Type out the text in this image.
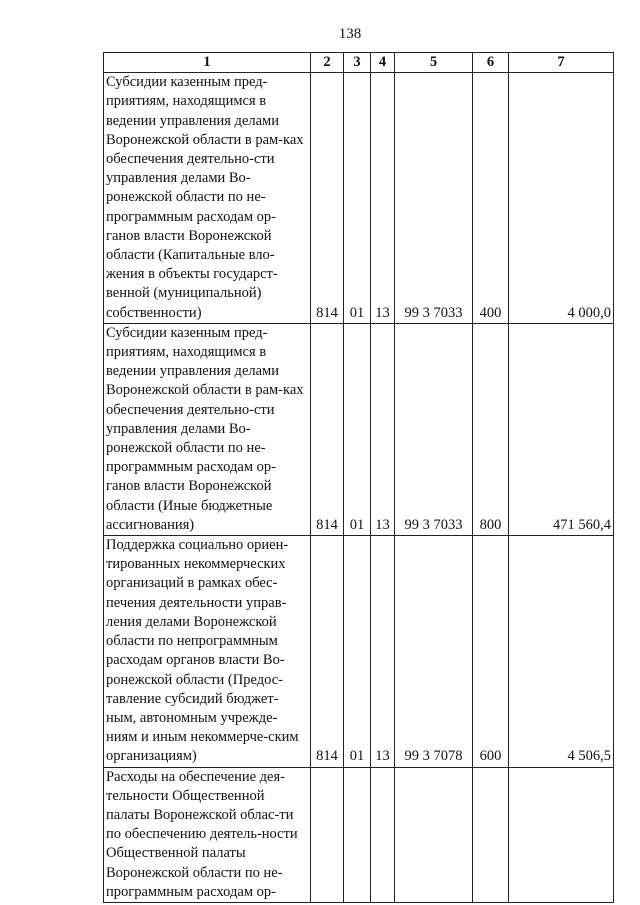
138
1	2	3	4	5	6	7
Субсидии казенным пред-приятиям, находящимся в ведении управления делами Воронежской области в рам-ках обеспечения деятельно-сти управления делами Во-ронежской области по не-программным расходам ор-ганов власти Воронежской области (Капитальные вло-жения в объекты государст-венной (муниципальной) собственности)	814	01	13	99 3 7033	400	4 000,0
Субсидии казенным пред-приятиям, находящимся в ведении управления делами Воронежской области в рам-ках обеспечения деятельно-сти управления делами Во-ронежской области по не-программным расходам ор-ганов власти Воронежской области (Иные бюджетные ассигнования)	814	01	13	99 3 7033	800	471 560,4
Поддержка социально ориен-тированных некоммерческих организаций в рамках обес-печения деятельности управ-ления делами Воронежской области по непрограммным расходам органов власти Во-ронежской области (Предос-тавление субсидий бюджет-ным, автономным учрежде-ниям и иным некоммерче-ским организациям)	814	01	13	99 3 7078	600	4 506,5
Расходы на обеспечение дея-тельности Общественной палаты Воронежской облас-ти по обеспечению деятель-ности Общественной палаты Воронежской области по не-программным расходам ор-						
